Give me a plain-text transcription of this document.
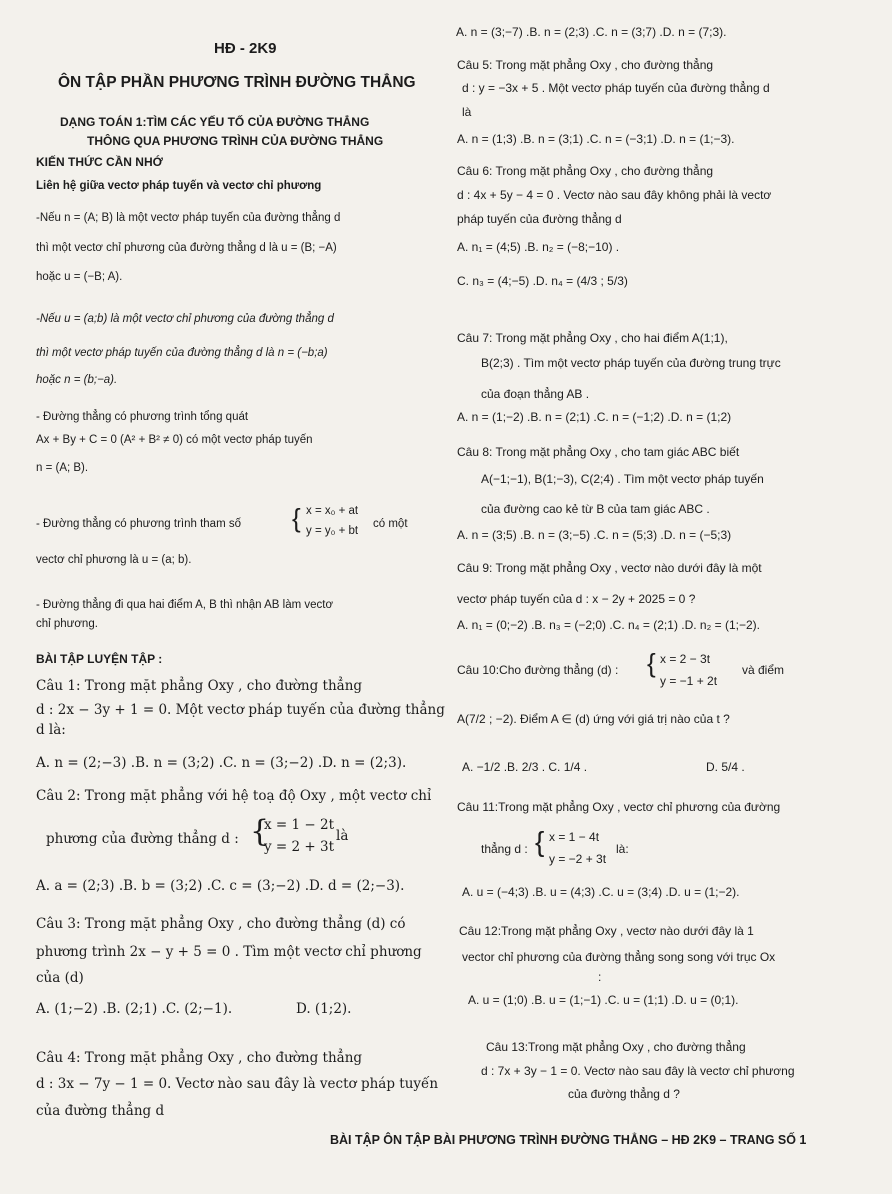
HĐ - 2K9
ÔN TẬP PHẦN PHƯƠNG TRÌNH ĐƯỜNG THẲNG
DẠNG TOÁN 1:TÌM CÁC YẾU TỐ CỦA ĐƯỜNG THẲNG
THÔNG QUA PHƯƠNG TRÌNH CỦA ĐƯỜNG THẲNG
KIẾN THỨC CẦN NHỚ
Liên hệ giữa vectơ pháp tuyến và vectơ chỉ phương
-Nếu n = (A; B) là một vectơ pháp tuyến của đường thẳng d
thì một vectơ chỉ phương của đường thẳng d là u = (B; −A)
hoặc u = (−B; A).
-Nếu u = (a;b) là một vectơ chỉ phương của đường thẳng d
thì một vectơ pháp tuyến của đường thẳng d là n = (−b;a)
hoặc n = (b;−a).
- Đường thẳng có phương trình tổng quát
Ax + By + C = 0 (A² + B² ≠ 0) có một vectơ pháp tuyến
n = (A; B).
- Đường thẳng có phương trình tham số { x = x₀ + at
y = y₀ + bt
có một
vectơ chỉ phương là u = (a; b).
- Đường thẳng đi qua hai điểm A, B thì nhận AB làm vectơ
chỉ phương.
BÀI TẬP LUYỆN TẬP :
Câu 1: Trong mặt phẳng Oxy , cho đường thẳng
d : 2x − 3y + 1 = 0. Một vectơ pháp tuyến của đường thẳng
d là:
A. n = (2;−3) .B. n = (3;2) .C. n = (3;−2) .D. n = (2;3).
Câu 2: Trong mặt phẳng với hệ toạ độ Oxy , một vectơ chỉ
phương của đường thẳng d : {
x = 1 − 2t
y = 2 + 3t
là
A. a = (2;3) .B. b = (3;2) .C. c = (3;−2) .D. d = (2;−3).
Câu 3: Trong mặt phẳng Oxy , cho đường thẳng (d) có
phương trình 2x − y + 5 = 0 . Tìm một vectơ chỉ phương
của (d)
A. (1;−2) .B. (2;1) .C. (2;−1).	D. (1;2).
Câu 4: Trong mặt phẳng Oxy , cho đường thẳng
d : 3x − 7y − 1 = 0. Vectơ nào sau đây là vectơ pháp tuyến
của đường thẳng d
A. n = (3;−7) .B. n = (2;3) .C. n = (3;7) .D. n = (7;3).
Câu 5: Trong mặt phẳng Oxy , cho đường thẳng
d : y = −3x + 5 . Một vectơ pháp tuyến của đường thẳng d
là
A. n = (1;3) .B. n = (3;1) .C. n = (−3;1) .D. n = (1;−3).
Câu 6: Trong mặt phẳng Oxy , cho đường thẳng
d : 4x + 5y − 4 = 0 . Vectơ nào sau đây không phải là vectơ
pháp tuyến của đường thẳng d
A. n₁ = (4;5) .B. n₂ = (−8;−10) .
C. n₃ = (4;−5) .D. n₄ = (4/3 ; 5/3)
Câu 7: Trong mặt phẳng Oxy , cho hai điểm A(1;1),
B(2;3) . Tìm một vectơ pháp tuyến của đường trung trực
của đoạn thẳng AB .
A. n = (1;−2) .B. n = (2;1) .C. n = (−1;2) .D. n = (1;2)
Câu 8: Trong mặt phẳng Oxy , cho tam giác ABC biết
A(−1;−1), B(1;−3), C(2;4) . Tìm một vectơ pháp tuyến
của đường cao kẻ từ B của tam giác ABC .
A. n = (3;5) .B. n = (3;−5) .C. n = (5;3) .D. n = (−5;3)
Câu 9: Trong mặt phẳng Oxy , vectơ nào dưới đây là một
vectơ pháp tuyến của d : x − 2y + 2025 = 0 ?
A. n₁ = (0;−2) .B. n₃ = (−2;0) .C. n₄ = (2;1) .D. n₂ = (1;−2).
Câu 10:Cho đường thẳng (d) : { x = 2 − 3t
y = −1 + 2t
và điểm
A(7/2 ; −2). Điểm A ∈ (d) ứng với giá trị nào của t ?
A. −1/2 .B. 2/3 . C. 1/4 .	D. 5/4 .
Câu 11:Trong mặt phẳng Oxy , vectơ chỉ phương của đường
thẳng d : { x = 1 − 4t
y = −2 + 3t
là:
A. u = (−4;3) .B. u = (4;3) .C. u = (3;4) .D. u = (1;−2).
Câu 12:Trong mặt phẳng Oxy , vectơ nào dưới đây là 1
vector chỉ phương của đường thẳng song song với trục Ox
:
A. u = (1;0) .B. u = (1;−1) .C. u = (1;1) .D. u = (0;1).
Câu 13:Trong mặt phẳng Oxy , cho đường thẳng
d : 7x + 3y − 1 = 0. Vectơ nào sau đây là vectơ chỉ phương
của đường thẳng d ?
BÀI TẬP ÔN TẬP BÀI PHƯƠNG TRÌNH ĐƯỜNG THẲNG – HĐ 2K9 – TRANG SỐ 1
